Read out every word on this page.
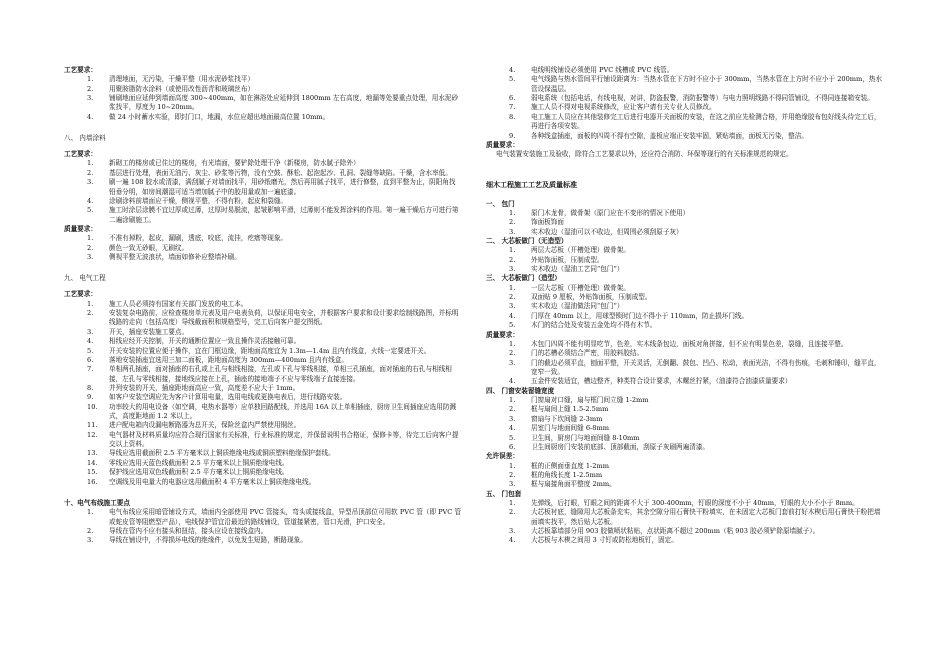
工艺要求：

1.	清理地面，无污染，干燥平整（用水泥砂浆找平）
2.	用聚胺脂防水涂料（或使用改性沥青和玻璃丝布）
3.	铺刷地面应延伸到墙面高度 300~400mm，如在淋浴处应延伸到 1800mm 左右高度，地漏等处要重点处理，用水泥砂浆找平，厚度为 10~20mm。
4.	做 24 小时蓄水实验，即封门口，地漏，水位应超出地面最高位置 10mm。

八、 内墙涂料

工艺要求：

1.	新砌工的楼房或已住过的楼房，有光墙面，要铲除处理干净（新楼房，防水腻子除外）
2.	基层进行处理，表面无油污、灰尘、砂浆等污物，没有空鼓、酥松、起泡起沙、孔洞、裂缝等缺陷。干燥，含水率低。
3.	刷一遍 108 胶水或清漆，满刮腻子对墙面找平，用砂纸磨光，然后再用腻子找平，进行修整，直到平整为止，阴阳角找铅垂分明，如房间潮湿可适当增加腻子中的胶用量或加一遍底漆。
4.	涂刷涂料前墙面应干燥，侧视平整，不得有粉，起皮和裂缝。
5.	施工时涂层涂膜不宜过厚或过薄，过厚时易脱流，起皱影响平滑，过薄则不能发挥涂料的作用。第一遍干燥后方可进行第二遍涂刷施工。

质量要求：

1.	不准有掉粉，起皮，漏刷，透底，咬底，流挂，疙瘩等现象。
2.	颜色一致无砂眼，无刷纹。
3.	侧视平整无波浪状，墙面如修补应整墙补刷。

九、 电气工程

工艺要求：

1.	施工人员必须持有国家有关部门发放的电工本。
2.	安装复杂电路前，应检查楼房单元表及用户电表负荷，以保证用电安全，并根据客户要求和设计要求绘制线路图，并标明线路的走向（包括高度）导线截面积和规格型号，完工后向客户提交图纸。
3.	开关，插座安装施工要点。
4.	相线应经开关控制，开关的通断位置应一致且操作灵活接触可靠。
5.	开关安装的位置应便于操作，宜在门框边缘，距地面高度宜为 1.3m—1.4m 且内有线盒，火线一定要进开关。
6.	落地安装插座宜选用三加二面板，距地面高度为 300mm—400mm 且内有线盒。
7.	单相两孔插座，面对插座的右孔或上孔与相线相接，左孔或下孔与零线相接，单相三孔插座，面对插座的右孔与相线相接，左孔与零线相接，接地线应接在上孔，插座的接地端子不应与零线端子直接连接。
8.	并列安装的开关，插座距地面高应一致，高度差不应大于 1mm。
9.	如客户安装空调应先为客户计算用电量，选用电线或更换电表后，进行线路安装。
10.	功率较大的用电设备（如空调，电热水器等）应单独回路配线，并选用 16A 以上单相插座，厨房卫生间插座应选用防溅式，高度距地面 1.2 米以上。
11.	进户配电箱内设漏电断路器为总开关，保险丝盒内严禁使用铜丝。
12.	电气器材及材料质量均应符合现行国家有关标准，行业标准的规定，并保留说明书合格证，保修卡等，待完工后向客户提交以上资料。
13.	导线应选用截面积 2.5 平方毫米以上铜质绝缘电线或铜质塑料绝缘保护套线。
14.	零线应选用天蓝色线截面积 2.5 平方毫米以上铜质绝缘电线。
15.	保护线应选用双色线截面积 2.5 平方毫米以上铜质绝缘电线。
16.	空调线及用电量大的电器应选用截面积 4 平方毫米以上铜质绝缘电线。

十、电气布线施工要点

1.	电气布线应采用暗管铺设方式，墙面内全部使用 PVC 管接头，弯头或接线盒，异型吊顶部位可用软 PVC 管（即 PVC 管或蛇皮管等阻燃型产品），电线保护管宜沿最近的路线铺设，管道接紧密，管口光滑，护口安全。
2.	导线在管内不应有接头和扭结，接头应设在接线盒内。
3.	导线在铺设中，不得损坏电线的绝缘件，以免发生短路，断路现象。
4.	电线明线铺设必须使用 PVC 线槽或 PVC 线管。
5.	电气线路与热水管间平行铺设距离为：当热水管在下方时不应小于 300mm，当热水管在上方时不应小于 200mm，热水管设保温层。
6.	弱电系统（包括电话，有线电视，对讲，防盗报警，消防报警等）与电力照明线路不得同管铺设，不得同连接箱安装。
7.	施工人员不得对电视系统修改，应让客户请有关专业人员修改。
8.	电工施工人员应在其他装修完工后进行电器开关面板的安装，在这之前应先检测合格，并用绝缘胶布包好线头待完工后，再进行各项安装。
9.	各种线盒插座，面板的四周不得有空隙，盖板应端正安装牢固，紧贴墙面，面板无污染，整洁。

质量要求：

电气装置安装施工及验收，除符合工艺要求以外，还应符合消防、环保等现行的有关标准规范的规定。

细木工程施工工艺及质量标准

一、 包门

1.	原门木龙骨，做骨架（原门应在不变形的情况下使用）
2.	饰面板饰面
3.	实木收边（湿油可以不收边，但周围必须刮原子灰）

二、 大芯板做门（无造型）

1.	两层大芯板（开槽处理）做骨架。
2.	外贴饰面板，压制成型。
3.	实木收边（湿油工艺同“包门”）

三、 大芯板做门（造型）

1.	一层大芯板（开槽处理）做骨架。
2.	双面贴 9 厘板，外贴饰面板，压制成型。
3.	实木收边（湿油做法同“包门”）
4.	门厚在 40mm 以上，用球型锁时门边不得小于 110mm，防止损坏门线。
5.	木门的结合处及安装五金处均不得有木节。

质量要求：

1.	木包门四周不能有明显吃节，色差，实木线条包边，面板对角拼接，但不应有明显色差，裂缝，且连接平整。
2.	门的芯槽必须结合严密，用胶料胶结。
3.	门的截边必须平直，刨面平整，开关灵活，无倒翻、鼓包、凹凸、松动，表面光洁，不得有伤痕，毛刺和锤印，缝平直，宽窄一致。
4.	五金件安装适宜，槽边整齐，种类符合设计要求，木螺丝拧紧，（油漆符合油漆质量要求）

四、 门窗安装留缝宽度

1.	门窗扇对口缝，扇与框门间立缝 1-2mm
2.	框与扇间上缝 1.5-2.5mm
3.	窗扇与下坎间缝 2-3mm
4.	居室门与地面间缝 6-8mm
5.	卫生间，厨房门与地面间缝 8-10mm
6.	卫生间厨房门安装前底部、顶部截面，刮原子灰刷两遍清漆。

允许误差：

1.	框的正侧面垂直度 1-2mm
2.	框的角线长度 1-2.5mm
3.	框与扇接角面平整度 2mm。

五、 门包套

1.	先弹线，后打眼，钉眼之间的距离不大于 300-400mm，钉眼的深度不小于 40mm，钉眼的大小不小于 8mm。
2.	大芯板衬底，缝隙用大芯板条充实，其余空隙分用石膏快干粉填实，在未固定大芯板门套前打好木楔后用石膏快干粉把墙面填实找平，然后贴大芯板。
3.	大芯板靠墙部分用 903 胶做喷状粘贴，点状距离不超过 200mm（粘 903 胶必须铲除原墙腻子）。
4.	大芯板与木楔之间用 3 寸钉或防松地板钉，固定。
